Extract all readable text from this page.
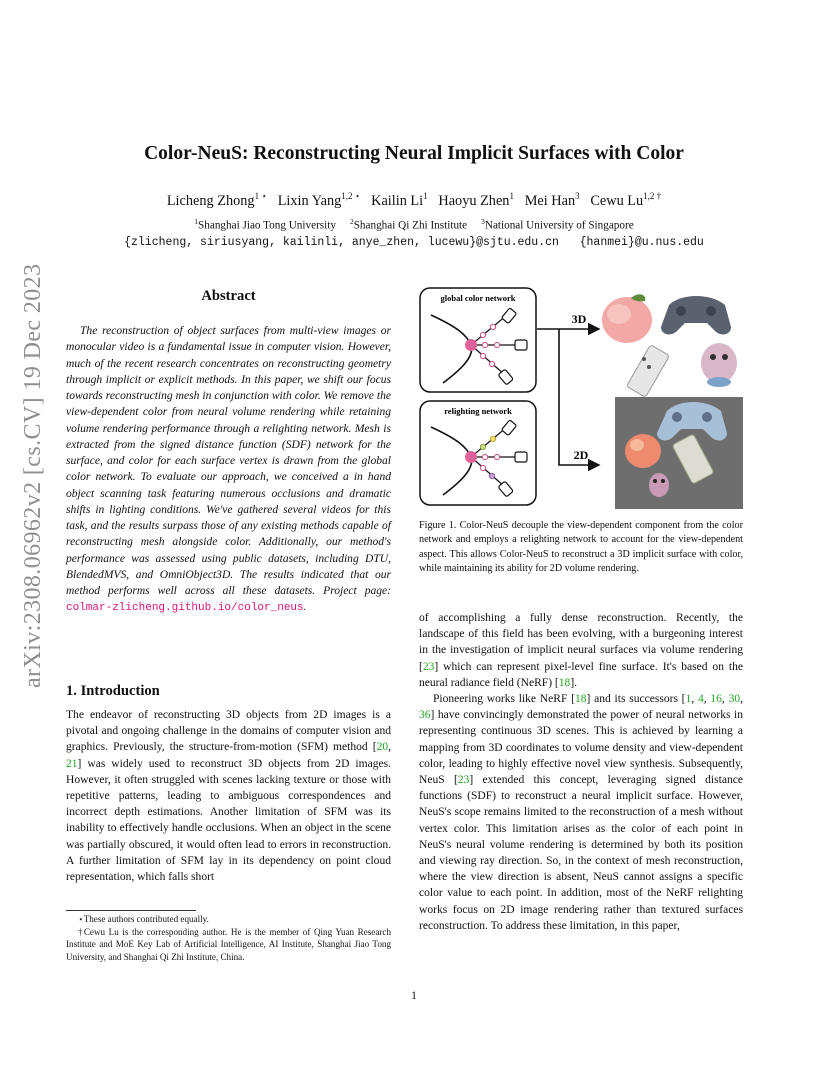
arXiv:2308.06962v2 [cs.CV] 19 Dec 2023
Color-NeuS: Reconstructing Neural Implicit Surfaces with Color
Licheng Zhong$^{1 ⋆}$ Lixin Yang$^{1,2 ⋆}$ Kailin Li$^1$ Haoyu Zhen$^1$ Mei Han$^3$ Cewu $Lu^{1,2 \dagger}$
$^1$Shanghai Jiao Tong University $^2$Shanghai Qi Zhi Institute $^3$National University of Singapore
{zlicheng, siriusyang, kailinli, anye_zhen, lucewu}@sjtu.edu.cn   {hanmei}@u.nus.edu
Abstract
The reconstruction of object surfaces from multi-view images or monocular video is a fundamental issue in computer vision. However, much of the recent research concentrates on reconstructing geometry through implicit or explicit methods. In this paper, we shift our focus towards reconstructing mesh in conjunction with color. We remove the view-dependent color from neural volume rendering while retaining volume rendering performance through a relighting network. Mesh is extracted from the signed distance function (SDF) network for the surface, and color for each surface vertex is drawn from the global color network. To evaluate our approach, we conceived a in hand object scanning task featuring numerous occlusions and dramatic shifts in lighting conditions. We've gathered several videos for this task, and the results surpass those of any existing methods capable of reconstructing mesh alongside color. Additionally, our method's performance was assessed using public datasets, including DTU, BlendedMVS, and OmniObject3D. The results indicated that our method performs well across all these datasets. Project page: colmar-zlicheng.github.io/color_neus.
1. Introduction
The endeavor of reconstructing 3D objects from 2D images is a pivotal and ongoing challenge in the domains of computer vision and graphics. Previously, the structure-from-motion (SFM) method [20, 21] was widely used to reconstruct 3D objects from 2D images. However, it often struggled with scenes lacking texture or those with repetitive patterns, leading to ambiguous correspondences and incorrect depth estimations. Another limitation of SFM was its inability to effectively handle occlusions. When an object in the scene was partially obscured, it would often lead to errors in reconstruction. A further limitation of SFM lay in its dependency on point cloud representation, which falls short

⋆These authors contributed equally.

†Cewu Lu is the corresponding author. He is the member of Qing Yuan Research Institute and MoE Key Lab of Artificial Intelligence, AI Institute, Shanghai Jiao Tong University, and Shanghai Qi Zhi Institute, China.

global color network
relighting network
3D
2D
Figure 1. Color-NeuS decouple the view-dependent component from the color network and employs a relighting network to account for the view-dependent aspect. This allows Color-NeuS to reconstruct a 3D implicit surface with color, while maintaining its ability for 2D volume rendering.

of accomplishing a fully dense reconstruction. Recently, the landscape of this field has been evolving, with a burgeoning interest in the investigation of implicit neural surfaces via volume rendering [23] which can represent pixel-level fine surface. It's based on the neural radiance field (NeRF) [18].

Pioneering works like NeRF [18] and its successors [1, 4, 16, 30, 36] have convincingly demonstrated the power of neural networks in representing continuous 3D scenes. This is achieved by learning a mapping from 3D coordinates to volume density and view-dependent color, leading to highly effective novel view synthesis. Subsequently, NeuS [23] extended this concept, leveraging signed distance functions (SDF) to reconstruct a neural implicit surface. However, NeuS's scope remains limited to the reconstruction of a mesh without vertex color. This limitation arises as the color of each point in NeuS's neural volume rendering is determined by both its position and viewing ray direction. So, in the context of mesh reconstruction, where the view direction is absent, NeuS cannot assigns a specific color value to each point. In addition, most of the NeRF relighting works focus on 2D image rendering rather than textured surfaces reconstruction. To address these limitation, in this paper,

1
